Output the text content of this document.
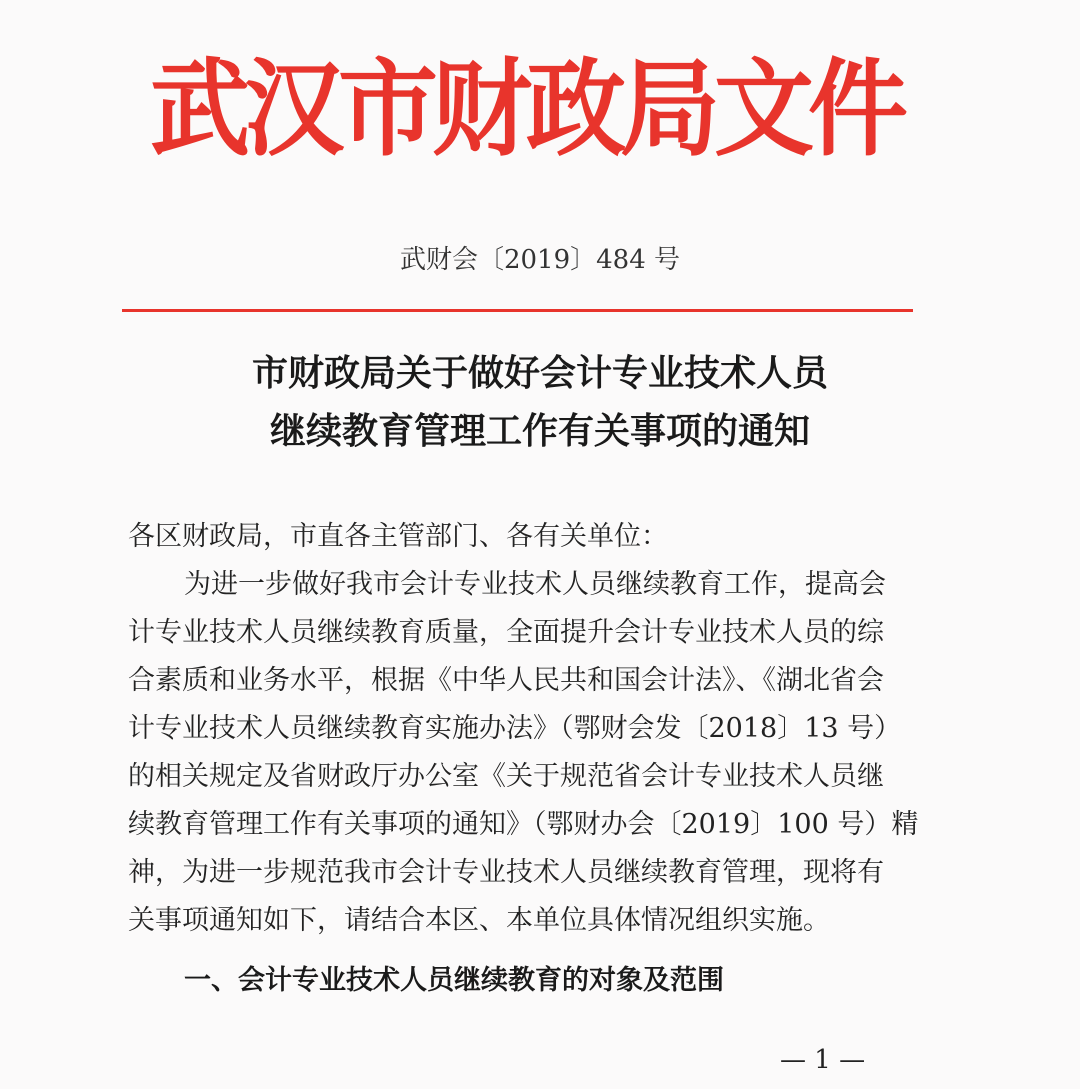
武汉市财政局文件
武财会〔2019〕484 号
市财政局关于做好会计专业技术人员
继续教育管理工作有关事项的通知
各区财政局，市直各主管部门、各有关单位：
为进一步做好我市会计专业技术人员继续教育工作，提高会
计专业技术人员继续教育质量，全面提升会计专业技术人员的综
合素质和业务水平，根据《中华人民共和国会计法》、《湖北省会
计专业技术人员继续教育实施办法》（鄂财会发〔2018〕13 号）
的相关规定及省财政厅办公室《关于规范省会计专业技术人员继
续教育管理工作有关事项的通知》（鄂财办会〔2019〕100 号）精
神，为进一步规范我市会计专业技术人员继续教育管理，现将有
关事项通知如下，请结合本区、本单位具体情况组织实施。
一、会计专业技术人员继续教育的对象及范围
— 1 —
